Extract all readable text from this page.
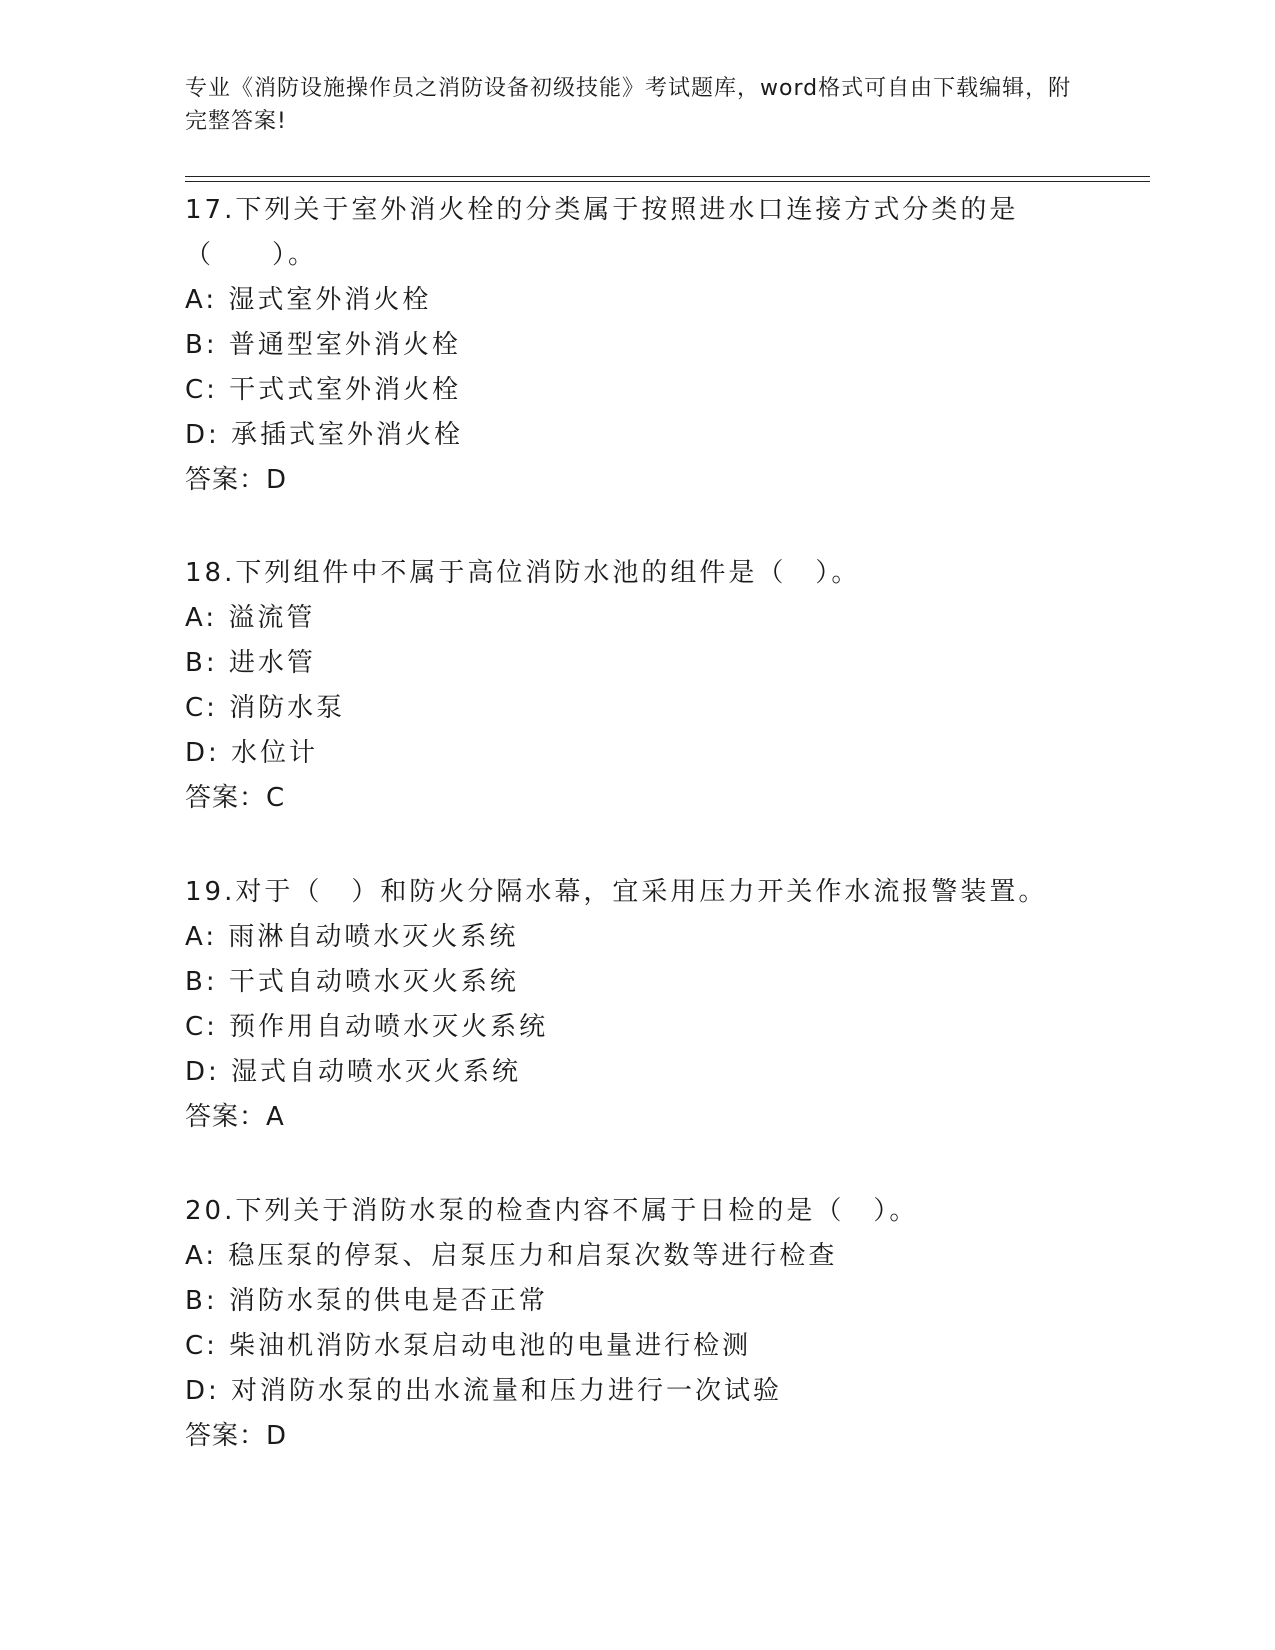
专业《消防设施操作员之消防设备初级技能》考试题库，word格式可自由下载编辑，附完整答案!

17.下列关于室外消火栓的分类属于按照进水口连接方式分类的是（　　）。

A: 湿式室外消火栓

B: 普通型室外消火栓

C: 干式式室外消火栓

D: 承插式室外消火栓

答案：D

18.下列组件中不属于高位消防水池的组件是（　）。

A: 溢流管

B: 进水管

C: 消防水泵

D: 水位计

答案：C

19.对于（　）和防火分隔水幕，宜采用压力开关作水流报警装置。

A: 雨淋自动喷水灭火系统

B: 干式自动喷水灭火系统

C: 预作用自动喷水灭火系统

D: 湿式自动喷水灭火系统

答案：A

20.下列关于消防水泵的检查内容不属于日检的是（　）。

A: 稳压泵的停泵、启泵压力和启泵次数等进行检查

B: 消防水泵的供电是否正常

C: 柴油机消防水泵启动电池的电量进行检测

D: 对消防水泵的出水流量和压力进行一次试验

答案：D
